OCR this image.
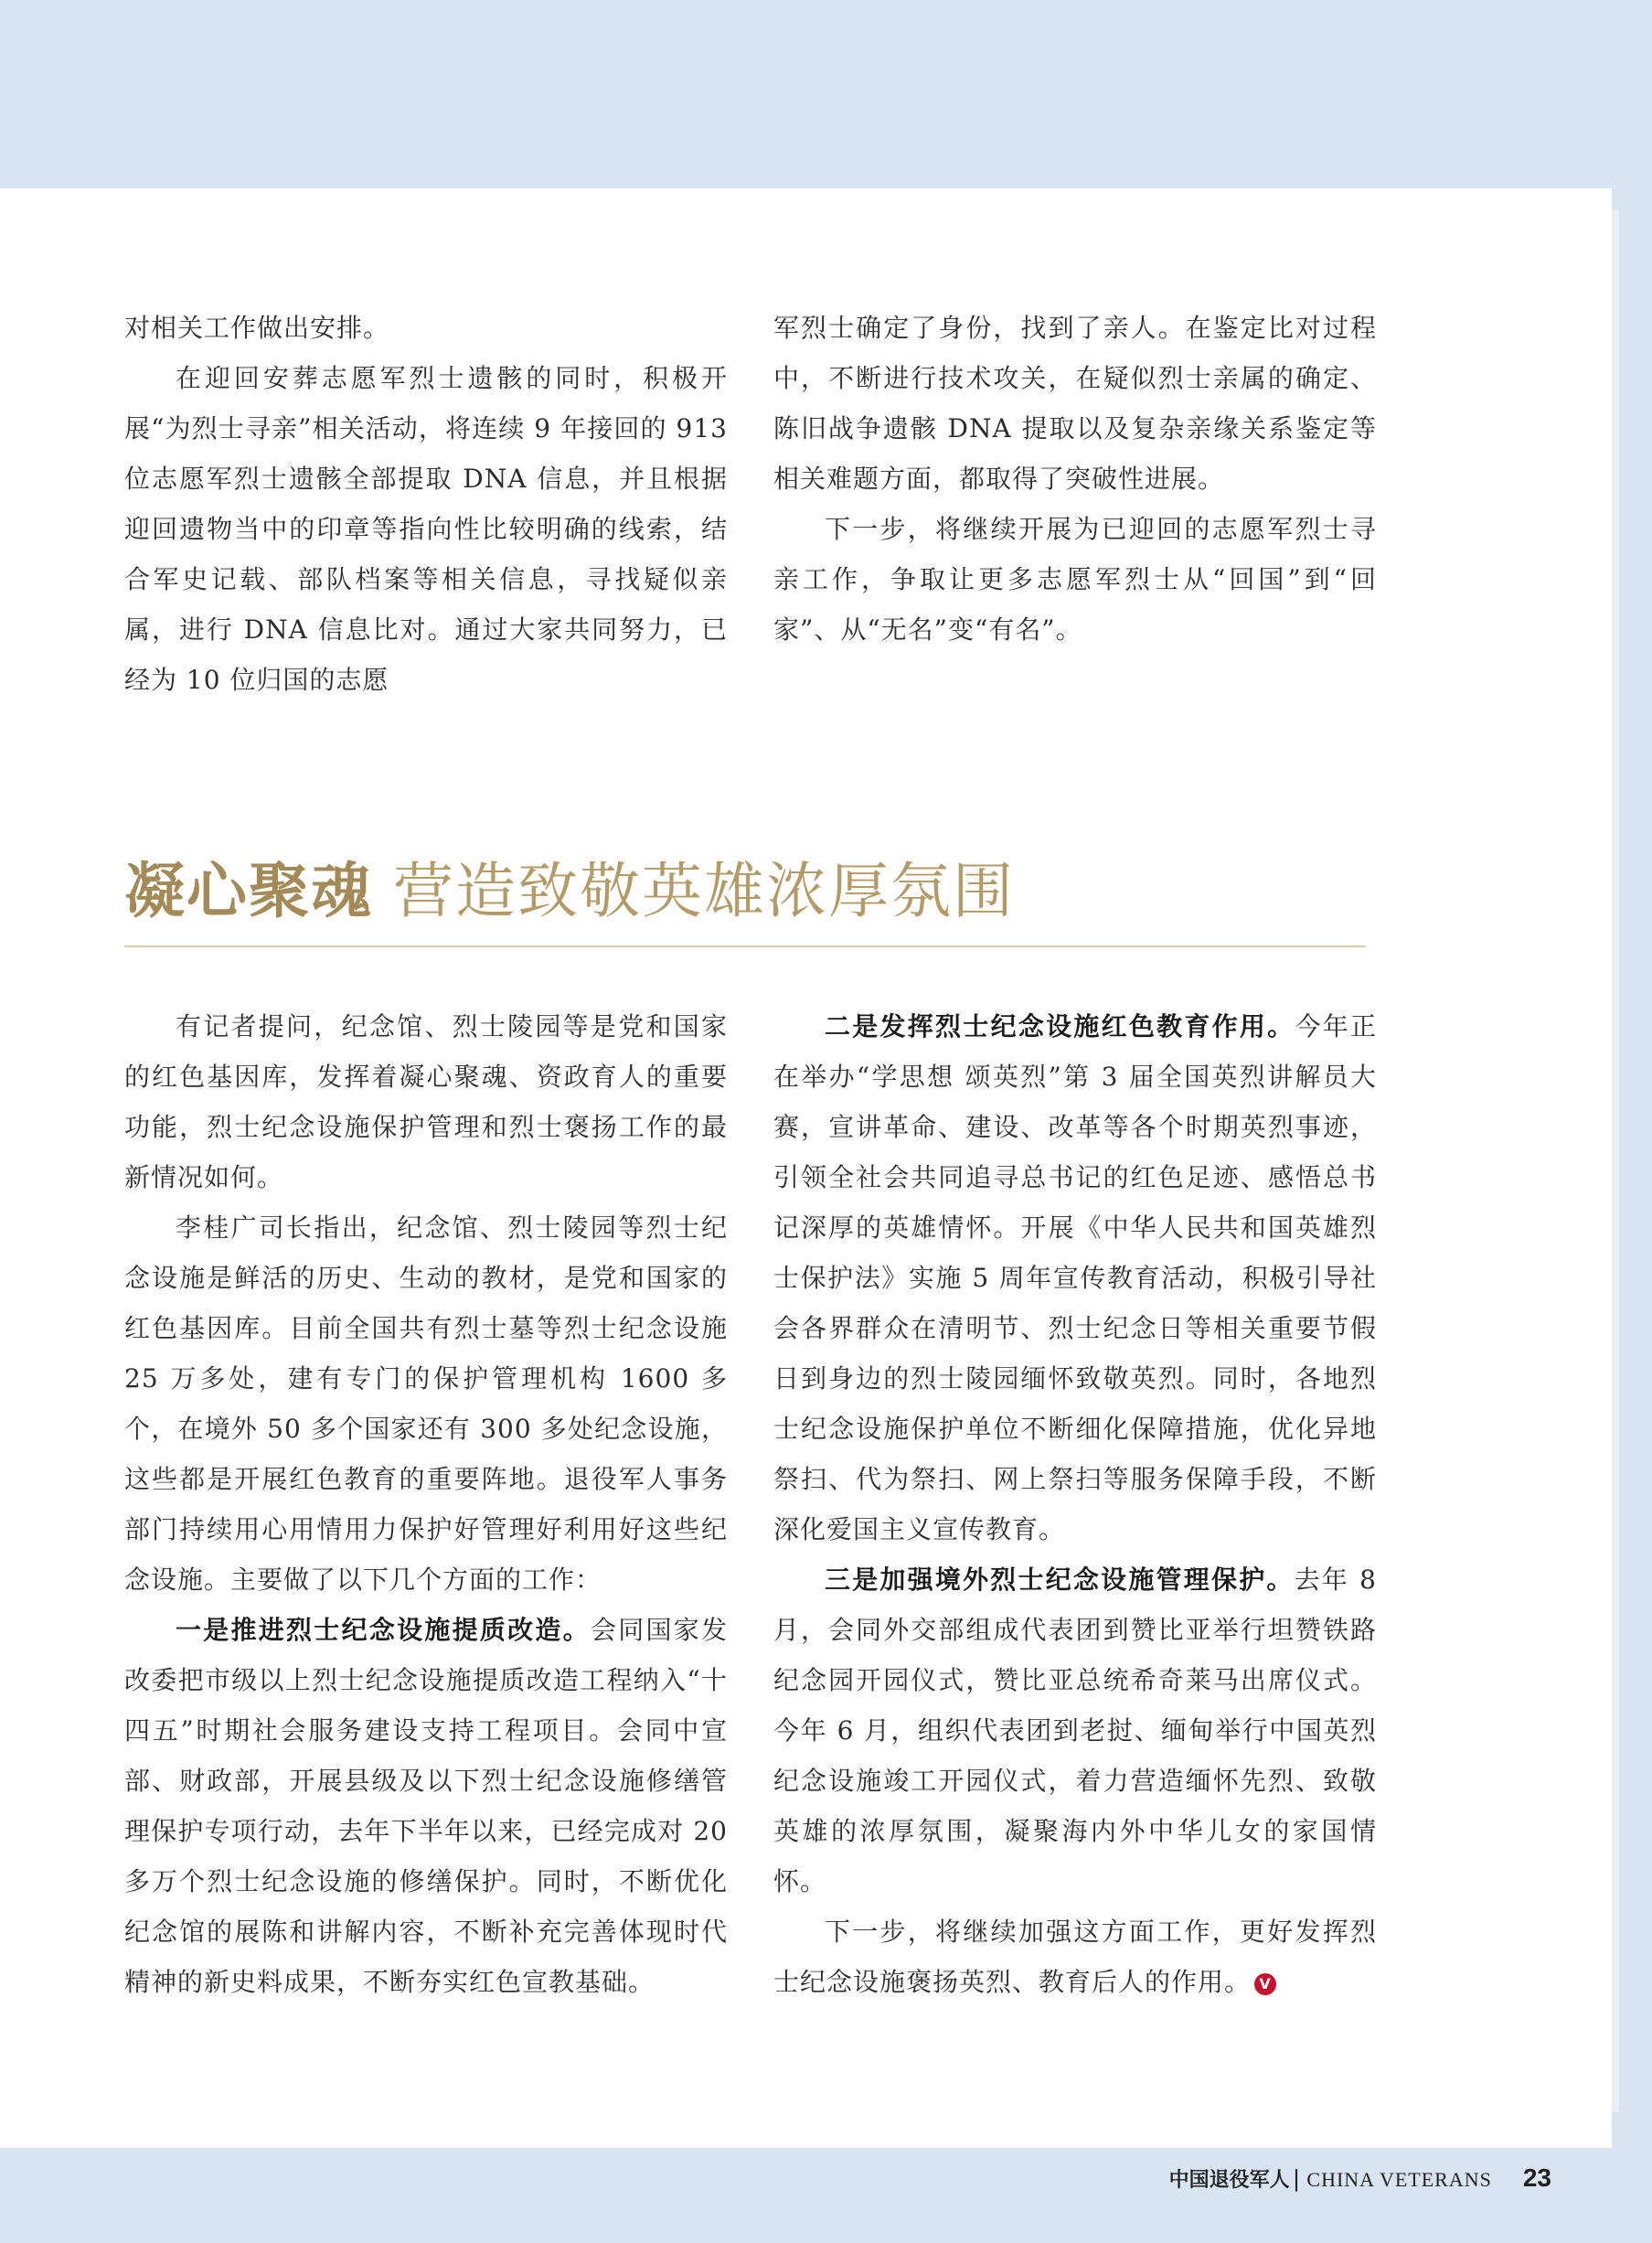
对相关工作做出安排。

在迎回安葬志愿军烈士遗骸的同时，积极开展“为烈士寻亲”相关活动，将连续 9 年接回的 913 位志愿军烈士遗骸全部提取 DNA 信息，并且根据迎回遗物当中的印章等指向性比较明确的线索，结合军史记载、部队档案等相关信息，寻找疑似亲属，进行 DNA 信息比对。通过大家共同努力，已经为 10 位归国的志愿

军烈士确定了身份，找到了亲人。在鉴定比对过程中，不断进行技术攻关，在疑似烈士亲属的确定、陈旧战争遗骸 DNA 提取以及复杂亲缘关系鉴定等相关难题方面，都取得了突破性进展。

下一步，将继续开展为已迎回的志愿军烈士寻亲工作，争取让更多志愿军烈士从“回国”到“回家”、从“无名”变“有名”。

凝心聚魂 营造致敬英雄浓厚氛围

有记者提问，纪念馆、烈士陵园等是党和国家的红色基因库，发挥着凝心聚魂、资政育人的重要功能，烈士纪念设施保护管理和烈士褒扬工作的最新情况如何。

李桂广司长指出，纪念馆、烈士陵园等烈士纪念设施是鲜活的历史、生动的教材，是党和国家的红色基因库。目前全国共有烈士墓等烈士纪念设施 25 万多处，建有专门的保护管理机构 1600 多个，在境外 50 多个国家还有 300 多处纪念设施，这些都是开展红色教育的重要阵地。退役军人事务部门持续用心用情用力保护好管理好利用好这些纪念设施。主要做了以下几个方面的工作：

一是推进烈士纪念设施提质改造。会同国家发改委把市级以上烈士纪念设施提质改造工程纳入“十四五”时期社会服务建设支持工程项目。会同中宣部、财政部，开展县级及以下烈士纪念设施修缮管理保护专项行动，去年下半年以来，已经完成对 20 多万个烈士纪念设施的修缮保护。同时，不断优化纪念馆的展陈和讲解内容，不断补充完善体现时代精神的新史料成果，不断夯实红色宣教基础。

二是发挥烈士纪念设施红色教育作用。今年正在举办“学思想 颂英烈”第 3 届全国英烈讲解员大赛，宣讲革命、建设、改革等各个时期英烈事迹，引领全社会共同追寻总书记的红色足迹、感悟总书记深厚的英雄情怀。开展《中华人民共和国英雄烈士保护法》实施 5 周年宣传教育活动，积极引导社会各界群众在清明节、烈士纪念日等相关重要节假日到身边的烈士陵园缅怀致敬英烈。同时，各地烈士纪念设施保护单位不断细化保障措施，优化异地祭扫、代为祭扫、网上祭扫等服务保障手段，不断深化爱国主义宣传教育。

三是加强境外烈士纪念设施管理保护。去年 8 月，会同外交部组成代表团到赞比亚举行坦赞铁路纪念园开园仪式，赞比亚总统希奇莱马出席仪式。今年 6 月，组织代表团到老挝、缅甸举行中国英烈纪念设施竣工开园仪式，着力营造缅怀先烈、致敬英雄的浓厚氛围，凝聚海内外中华儿女的家国情怀。

下一步，将继续加强这方面工作，更好发挥烈士纪念设施褒扬英烈、教育后人的作用。 V

中国退役军人 | CHINA VETERANS 23
